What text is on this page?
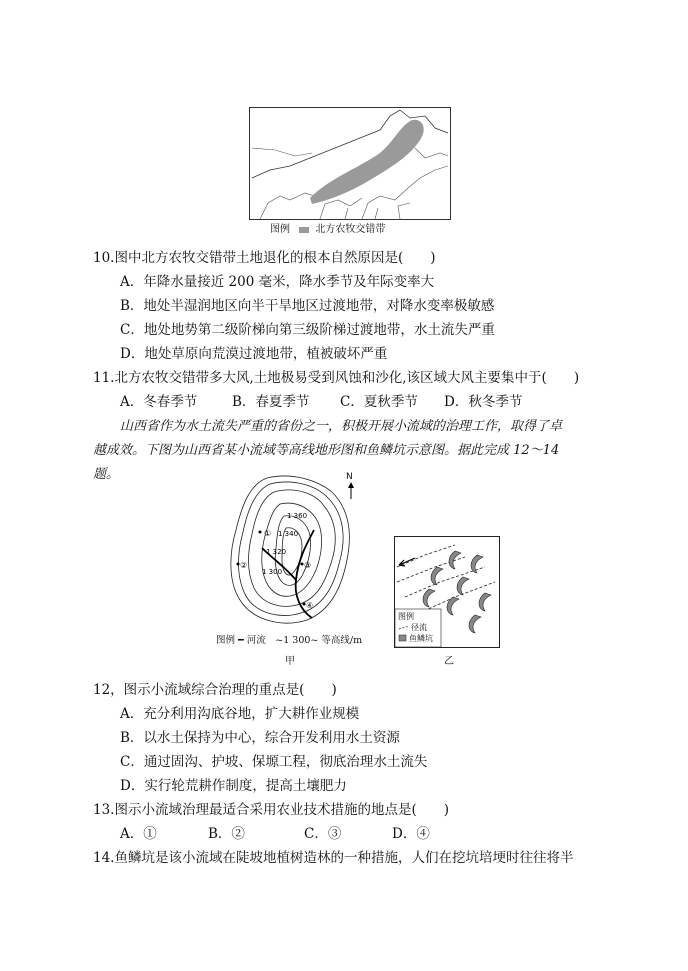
图例	北方农牧交错带
10.图中北方农牧交错带土地退化的根本自然原因是(　　)
A．年降水量接近 200 毫米，降水季节及年际变率大
B．地处半湿润地区向半干旱地区过渡地带，对降水变率极敏感
C．地处地势第二级阶梯向第三级阶梯过渡地带，水土流失严重
D．地处草原向荒漠过渡地带，植被破坏严重
11.北方农牧交错带多大风,土地极易受到风蚀和沙化,该区域大风主要集中于(　　)
A．冬春季节	B．春夏季节 C．夏秋季节 D．秋冬季节
山西省作为水土流失严重的省份之一，积极开展小流域的治理工作，取得了卓
越成效。下图为山西省某小流域等高线地形图和鱼鳞坑示意图。据此完成 12～14
题。
1 360
1 340
1 320
1 300
①
②	③
④
N
图例 ━ 河流　~1 300~ 等高线/m
甲
图例
径流
鱼鳞坑
乙
12，图示小流域综合治理的重点是(　　)
A．充分利用沟底谷地，扩大耕作业规模
B．以水土保持为中心，综合开发利用水土资源
C．通过固沟、护坡、保塬工程，彻底治理水土流失
D．实行轮荒耕作制度，提高土壤肥力
13.图示小流域治理最适合采用农业技术措施的地点是(　　)
A．①	B．②	C．③	D．④
14.鱼鳞坑是该小流域在陡坡地植树造林的一种措施，人们在挖坑培埂时往往将半
